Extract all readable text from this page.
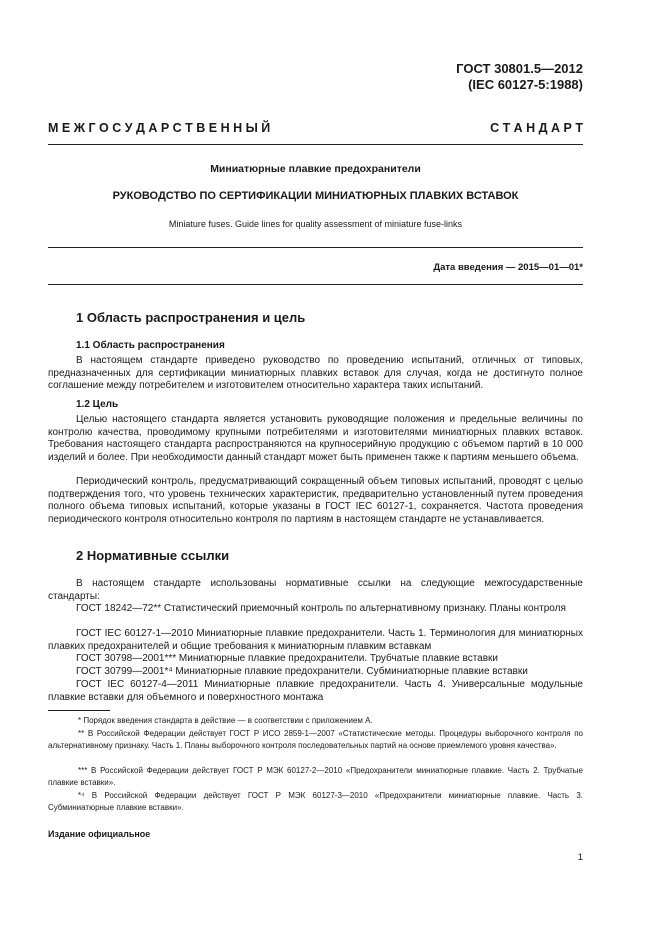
ГОСТ 30801.5—2012
(IEC 60127-5:1988)
М Е Ж Г О С У Д А Р С Т В Е Н Н Ы Й	С Т А Н Д А Р Т
Миниатюрные плавкие предохранители
РУКОВОДСТВО ПО СЕРТИФИКАЦИИ МИНИАТЮРНЫХ ПЛАВКИХ ВСТАВОК
Miniature fuses. Guide lines for quality assessment of miniature fuse-links
Дата введения — 2015—01—01*
1 Область распространения и цель
1.1 Область распространения
В настоящем стандарте приведено руководство по проведению испытаний, отличных от типовых, предназначенных для сертификации миниатюрных плавких вставок для случая, когда не достигнуто полное соглашение между потребителем и изготовителем относительно характера таких испытаний.
1.2 Цель
Целью настоящего стандарта является установить руководящие положения и предельные величины по контролю качества, проводимому крупными потребителями и изготовителями миниатюрных плавких вставок. Требования настоящего стандарта распространяются на крупносерийную продукцию с объемом партий в 10 000 изделий и более. При необходимости данный стандарт может быть применен также к партиям меньшего объема.
Периодический контроль, предусматривающий сокращенный объем типовых испытаний, проводят с целью подтверждения того, что уровень технических характеристик, предварительно установленный путем проведения полного объема типовых испытаний, которые указаны в ГОСТ IEC 60127-1, сохраняется. Частота проведения периодического контроля относительно контроля по партиям в настоящем стандарте не устанавливается.
2 Нормативные ссылки
В настоящем стандарте использованы нормативные ссылки на следующие межгосударственные стандарты:
ГОСТ 18242—72** Статистический приемочный контроль по альтернативному признаку. Планы контроля
ГОСТ IEC 60127-1—2010 Миниатюрные плавкие предохранители. Часть 1. Терминология для миниатюрных плавких предохранителей и общие требования к миниатюрным плавким вставкам
ГОСТ 30798—2001*** Миниатюрные плавкие предохранители. Трубчатые плавкие вставки
ГОСТ 30799—2001*⁴ Миниатюрные плавкие предохранители. Субминиатюрные плавкие вставки
ГОСТ IEC 60127-4—2011 Миниатюрные плавкие предохранители. Часть 4. Универсальные модульные плавкие вставки для объемного и поверхностного монтажа
* Порядок введения стандарта в действие — в соответствии с приложением А.
** В Российской Федерации действует ГОСТ Р ИСО 2859-1—2007 «Статистические методы. Процедуры выборочного контроля по альтернативному признаку. Часть 1. Планы выборочного контроля последовательных партий на основе приемлемого уровня качества».
*** В Российской Федерации действует ГОСТ Р МЭК 60127-2—2010 «Предохранители миниатюрные плавкие. Часть 2. Трубчатые плавкие вставки».
*⁴ В Российской Федерации действует ГОСТ Р МЭК 60127-3—2010 «Предохранители миниатюрные плавкие. Часть 3. Субминиатюрные плавкие вставки».
Издание официальное
1
